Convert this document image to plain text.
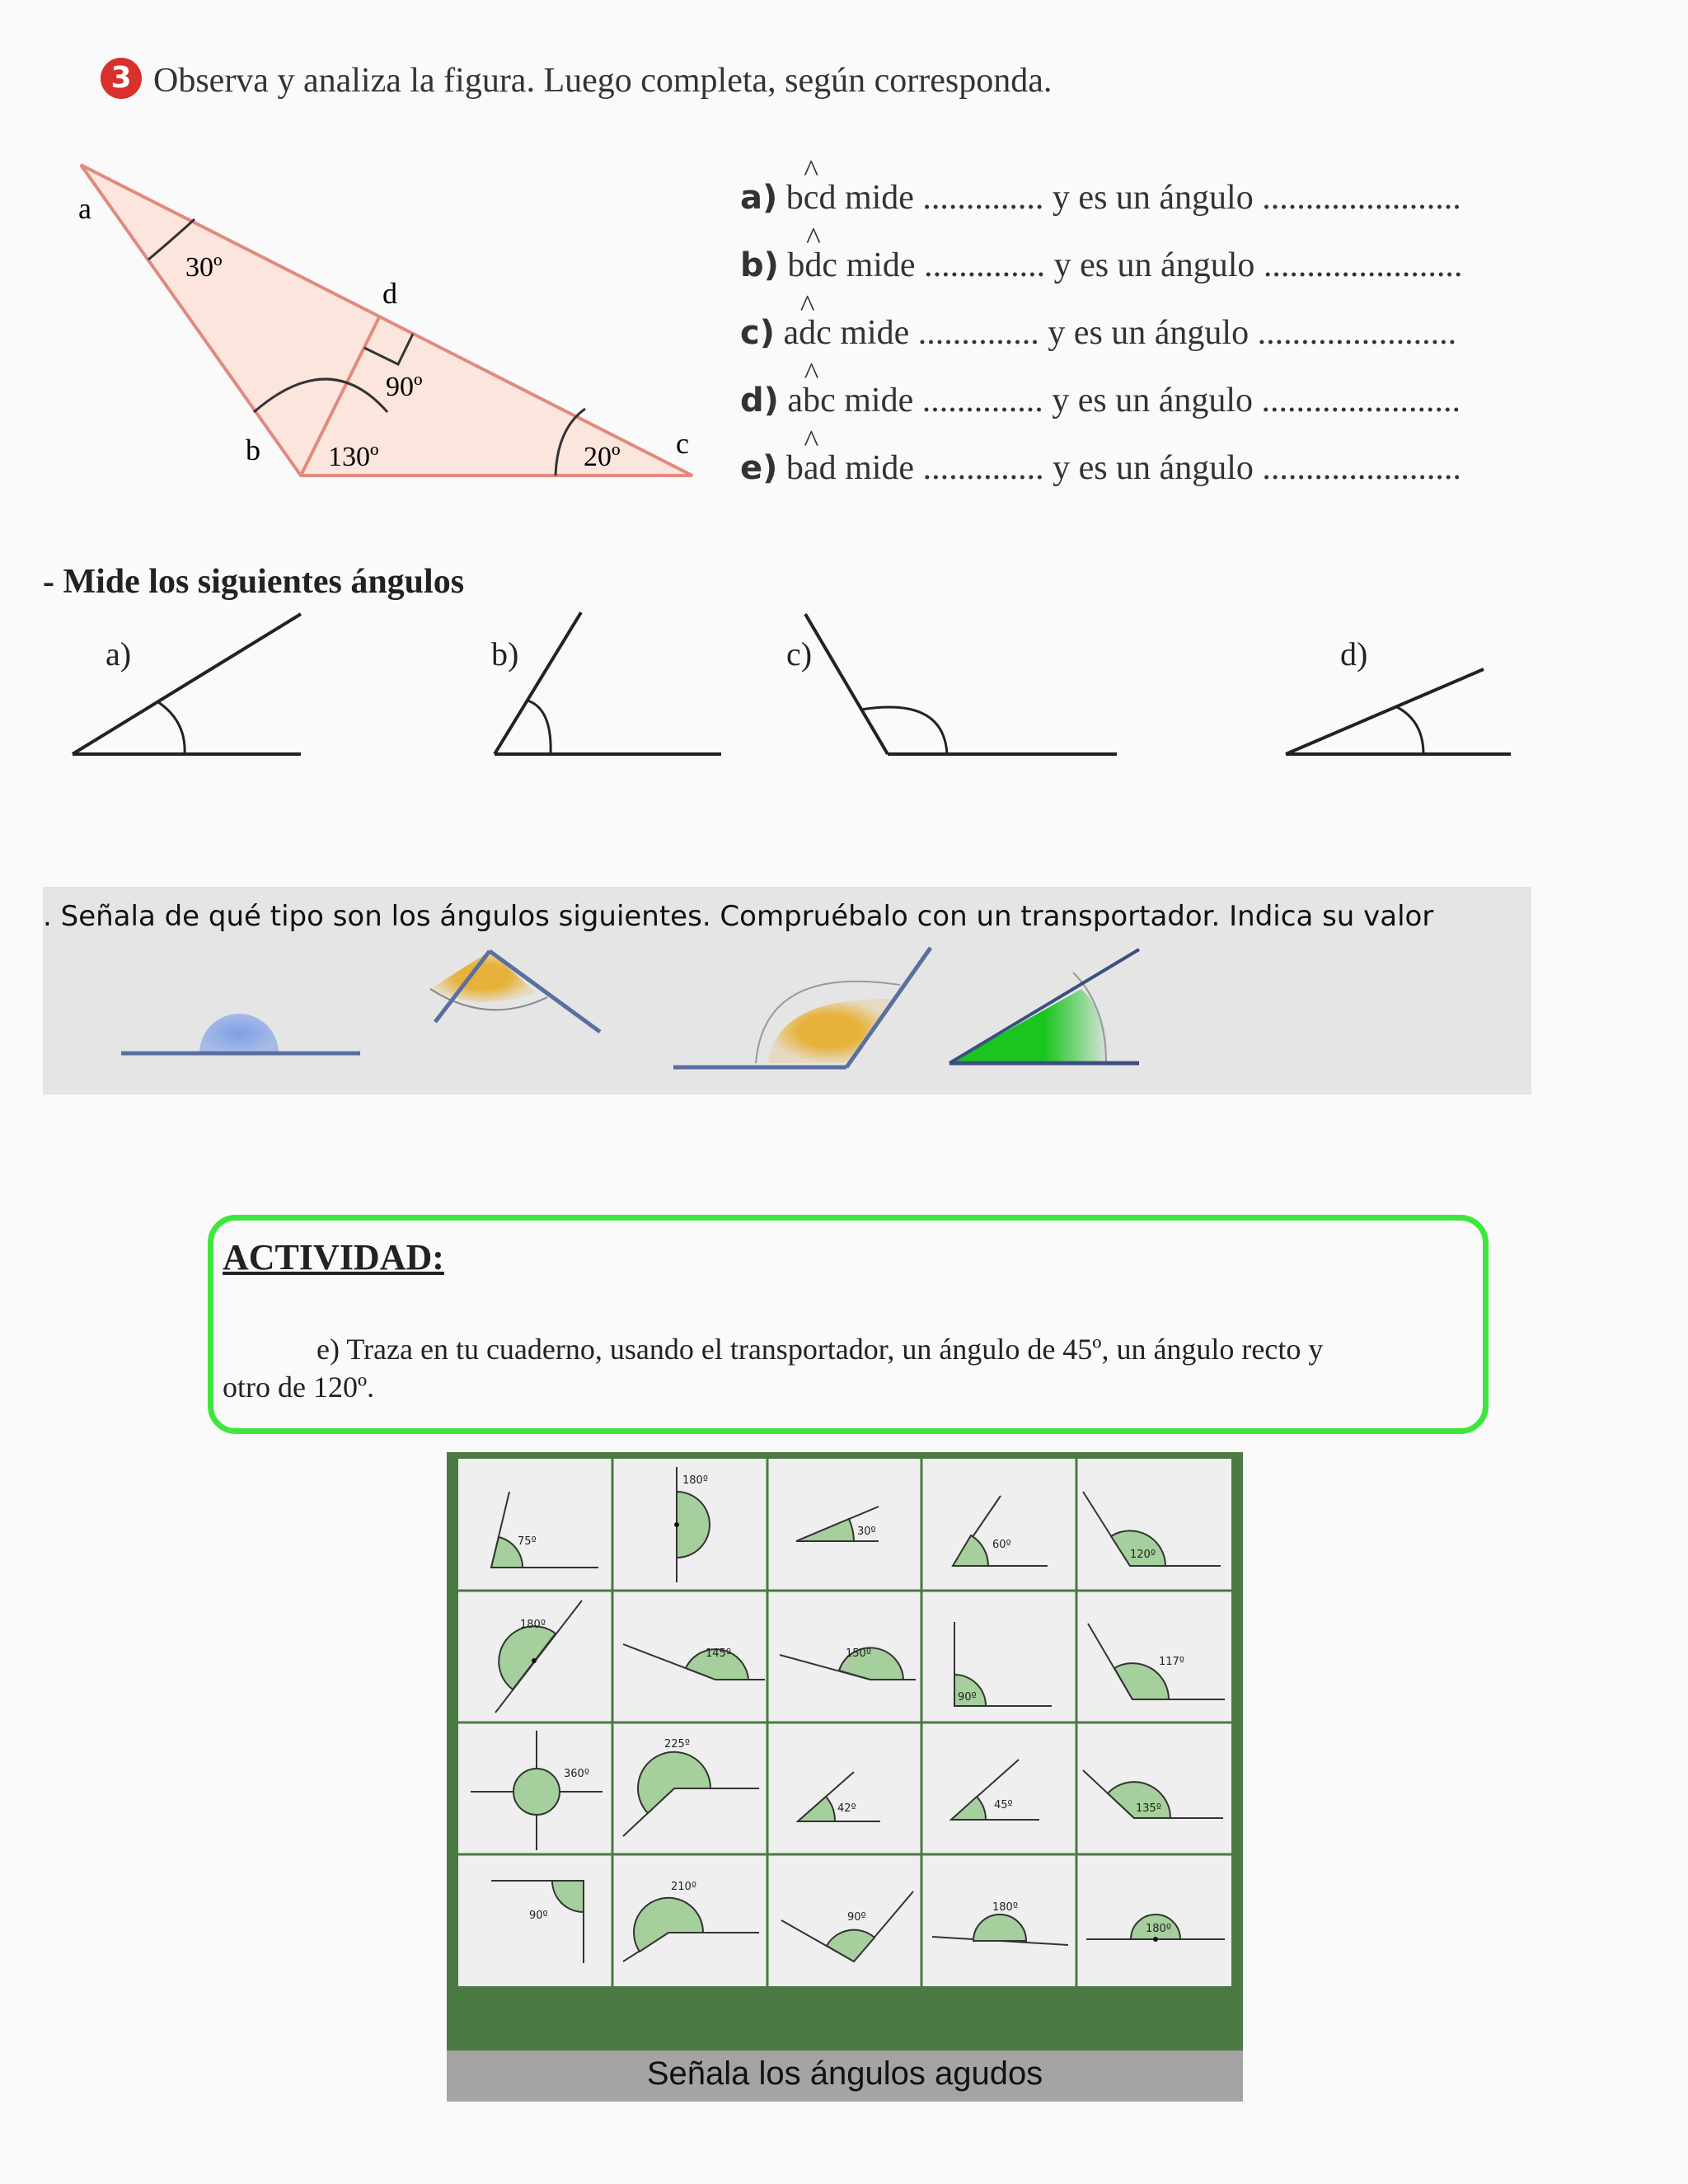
3 Observa y analiza la figura. Luego completa, según corresponda.
a
b	c
d
30º
90º
130º	20º
a) b^ cd mide .............. y es un ángulo .......................
b) b^ dc mide .............. y es un ángulo .......................
c) a^ dc mide .............. y es un ángulo .......................
d) a^ bc mide .............. y es un ángulo .......................
e) b^ ad mide .............. y es un ángulo .......................
- Mide los siguientes ángulos
a)	b)	c)	d)
. Señala de qué tipo son los ángulos siguientes. Compruébalo con un transportador. Indica su valor
ACTIVIDAD:
e) Traza en tu cuaderno, usando el transportador, un ángulo de 45º, un ángulo recto y
otro de 120º.
75º
180º
30º
60º
120º
180º
145º	150º
90º
117º
360º
225º
42º	45º	135º
90º
210º
90º
180º
180º
Señala los ángulos agudos
